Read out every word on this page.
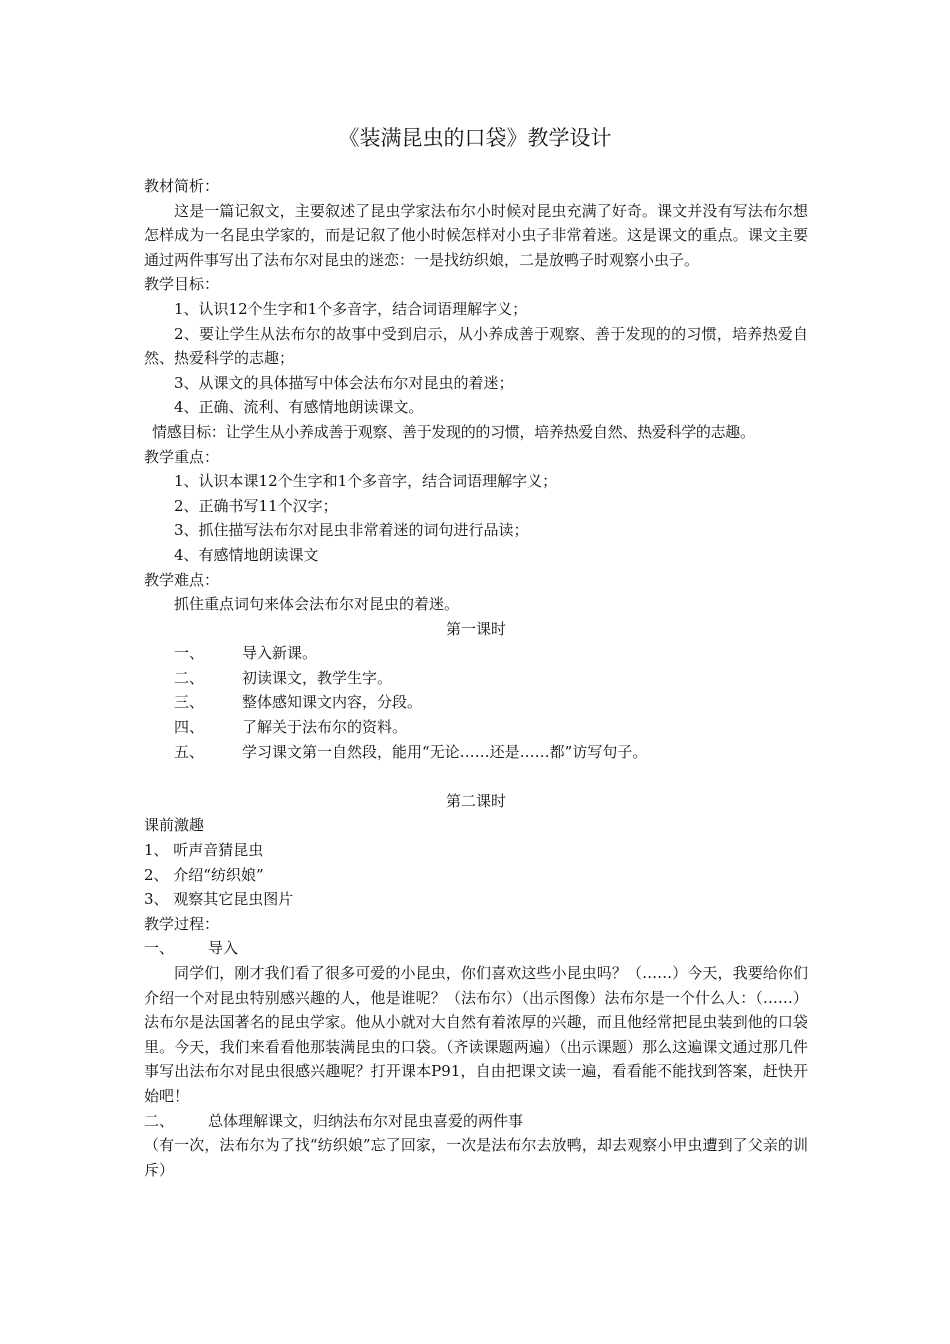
《装满昆虫的口袋》教学设计

教材简析：

这是一篇记叙文，主要叙述了昆虫学家法布尔小时候对昆虫充满了好奇。课文并没有写法布尔想怎样成为一名昆虫学家的，而是记叙了他小时候怎样对小虫子非常着迷。这是课文的重点。课文主要通过两件事写出了法布尔对昆虫的迷恋：一是找纺织娘，二是放鸭子时观察小虫子。

教学目标：

1、认识12个生字和1个多音字，结合词语理解字义；

2、要让学生从法布尔的故事中受到启示，从小养成善于观察、善于发现的的习惯，培养热爱自然、热爱科学的志趣；

3、从课文的具体描写中体会法布尔对昆虫的着迷；

4、正确、流利、有感情地朗读课文。

情感目标：让学生从小养成善于观察、善于发现的的习惯，培养热爱自然、热爱科学的志趣。

教学重点：

1、认识本课12个生字和1个多音字，结合词语理解字义；

2、正确书写11个汉字；

3、抓住描写法布尔对昆虫非常着迷的词句进行品读；

4、有感情地朗读课文

教学难点：

抓住重点词句来体会法布尔对昆虫的着迷。

第一课时

一、	导入新课。

二、	初读课文，教学生字。

三、	整体感知课文内容，分段。

四、	了解关于法布尔的资料。

五、	学习课文第一自然段，能用“无论……还是……都”访写句子。

第二课时

课前激趣

1、 听声音猜昆虫

2、 介绍“纺织娘”

3、 观察其它昆虫图片

教学过程：

一、 导入

同学们，刚才我们看了很多可爱的小昆虫，你们喜欢这些小昆虫吗？（……）今天，我要给你们介绍一个对昆虫特别感兴趣的人，他是谁呢？（法布尔）（出示图像）法布尔是一个什么人：（……）法布尔是法国著名的昆虫学家。他从小就对大自然有着浓厚的兴趣，而且他经常把昆虫装到他的口袋里。今天，我们来看看他那装满昆虫的口袋。（齐读课题两遍）（出示课题）那么这遍课文通过那几件事写出法布尔对昆虫很感兴趣呢？打开课本P91，自由把课文读一遍，看看能不能找到答案，赶快开始吧！

二、 总体理解课文，归纳法布尔对昆虫喜爱的两件事

（有一次，法布尔为了找“纺织娘”忘了回家，一次是法布尔去放鸭，却去观察小甲虫遭到了父亲的训斥）
